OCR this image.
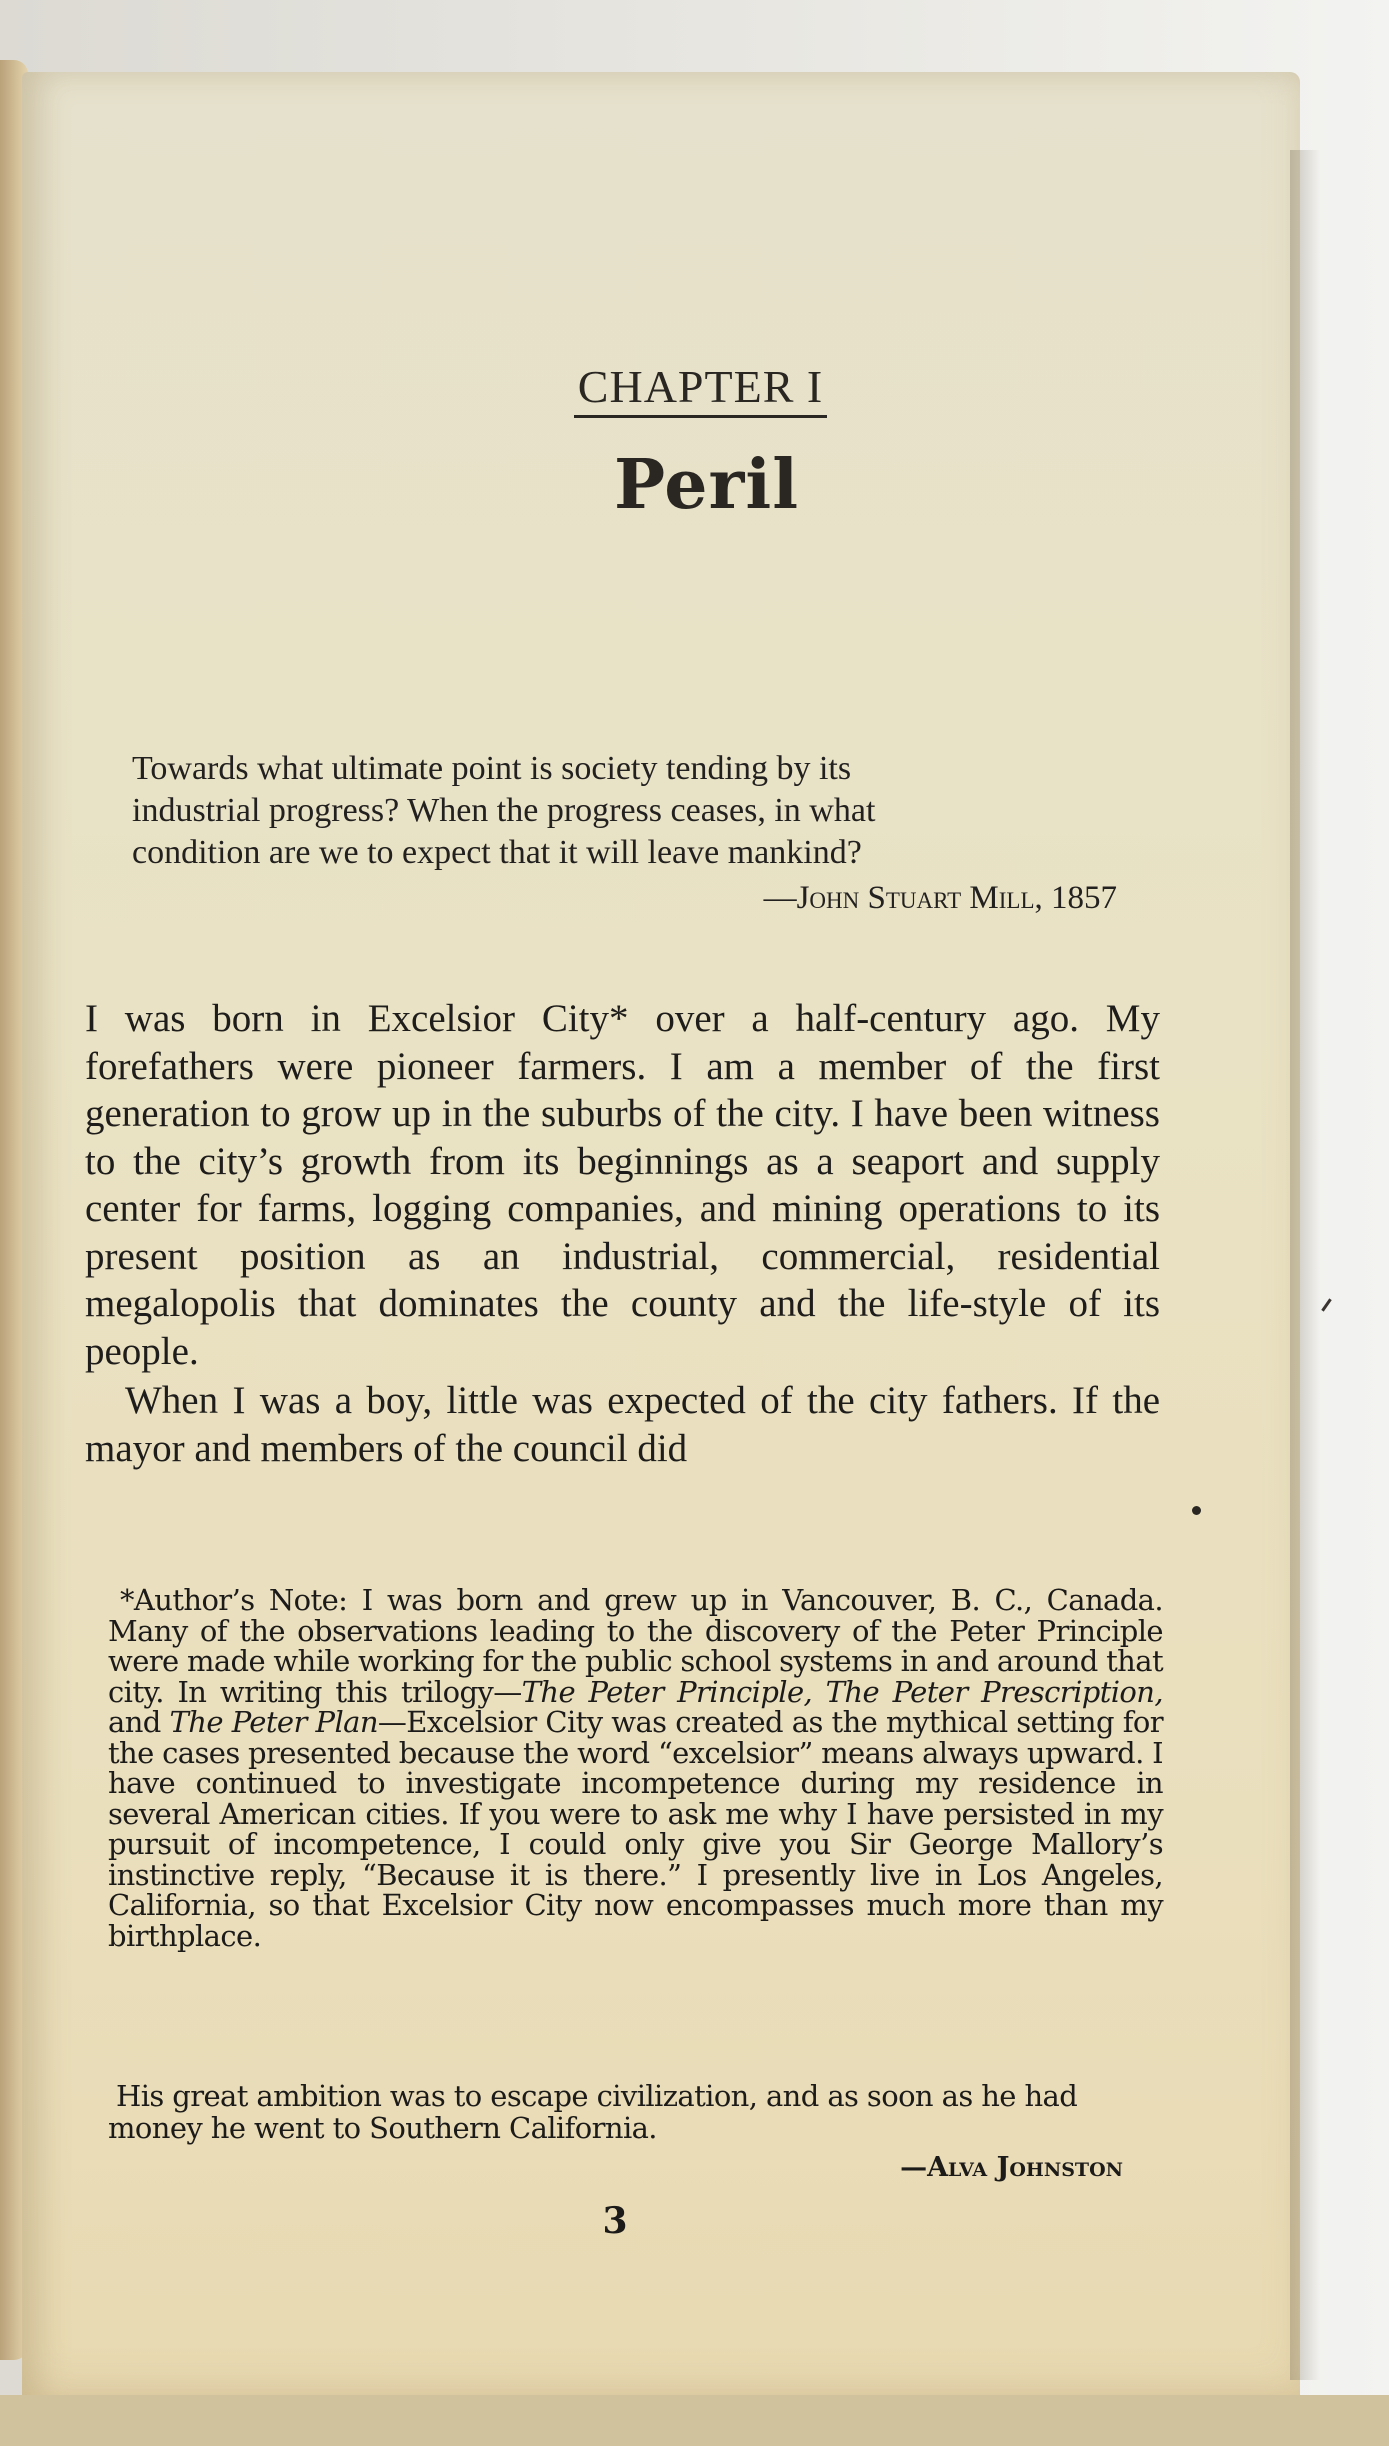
CHAPTER I
Peril
Towards what ultimate point is society tending by its
industrial progress? When the progress ceases, in what
condition are we to expect that it will leave mankind?
—John Stuart Mill, 1857

I was born in Excelsior City* over a half-century ago. My forefathers were pioneer farmers. I am a member of the first generation to grow up in the suburbs of the city. I have been witness to the city’s growth from its beginnings as a seaport and supply center for farms, logging companies, and mining operations to its present position as an industrial, commercial, residential megalopolis that dominates the county and the life-style of its people.

When I was a boy, little was expected of the city fathers. If the mayor and members of the council did

*Author’s Note: I was born and grew up in Vancouver, B. C., Canada. Many of the observations leading to the discovery of the Peter Principle were made while working for the public school systems in and around that city. In writing this trilogy—The Peter Principle, The Peter Prescription, and The Peter Plan—Excelsior City was created as the mythical setting for the cases presented because the word “excelsior” means always upward. I have continued to investigate incompetence during my residence in several American cities. If you were to ask me why I have persisted in my pursuit of incompetence, I could only give you Sir George Mallory’s instinctive reply, “Because it is there.” I presently live in Los Angeles, California, so that Excelsior City now encompasses much more than my birthplace.

His great ambition was to escape civilization, and as soon as he had money he went to Southern California.

—Alva Johnston
3
